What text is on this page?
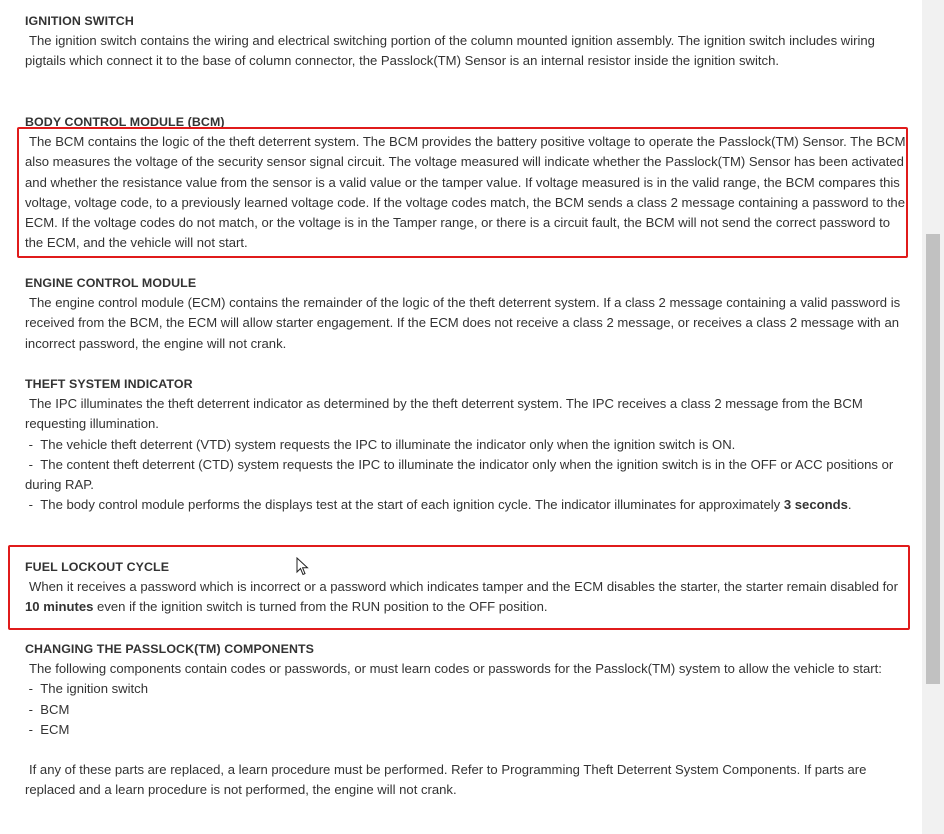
IGNITION SWITCH
The ignition switch contains the wiring and electrical switching portion of the column mounted ignition assembly. The ignition switch includes wiring pigtails which connect it to the base of column connector, the Passlock(TM) Sensor is an internal resistor inside the ignition switch.
BODY CONTROL MODULE (BCM)
The BCM contains the logic of the theft deterrent system. The BCM provides the battery positive voltage to operate the Passlock(TM) Sensor. The BCM also measures the voltage of the security sensor signal circuit. The voltage measured will indicate whether the Passlock(TM) Sensor has been activated and whether the resistance value from the sensor is a valid value or the tamper value. If voltage measured is in the valid range, the BCM compares this voltage, voltage code, to a previously learned voltage code. If the voltage codes match, the BCM sends a class 2 message containing a password to the ECM. If the voltage codes do not match, or the voltage is in the Tamper range, or there is a circuit fault, the BCM will not send the correct password to the ECM, and the vehicle will not start.
ENGINE CONTROL MODULE
The engine control module (ECM) contains the remainder of the logic of the theft deterrent system. If a class 2 message containing a valid password is received from the BCM, the ECM will allow starter engagement. If the ECM does not receive a class 2 message, or receives a class 2 message with an incorrect password, the engine will not crank.
THEFT SYSTEM INDICATOR
The IPC illuminates the theft deterrent indicator as determined by the theft deterrent system. The IPC receives a class 2 message from the BCM requesting illumination.
- The vehicle theft deterrent (VTD) system requests the IPC to illuminate the indicator only when the ignition switch is ON.
- The content theft deterrent (CTD) system requests the IPC to illuminate the indicator only when the ignition switch is in the OFF or ACC positions or during RAP.
- The body control module performs the displays test at the start of each ignition cycle. The indicator illuminates for approximately 3 seconds.
FUEL LOCKOUT CYCLE
When it receives a password which is incorrect or a password which indicates tamper and the ECM disables the starter, the starter remain disabled for 10 minutes even if the ignition switch is turned from the RUN position to the OFF position.
CHANGING THE PASSLOCK(TM) COMPONENTS
The following components contain codes or passwords, or must learn codes or passwords for the Passlock(TM) system to allow the vehicle to start:
- The ignition switch
- BCM
- ECM
If any of these parts are replaced, a learn procedure must be performed. Refer to Programming Theft Deterrent System Components. If parts are replaced and a learn procedure is not performed, the engine will not crank.
